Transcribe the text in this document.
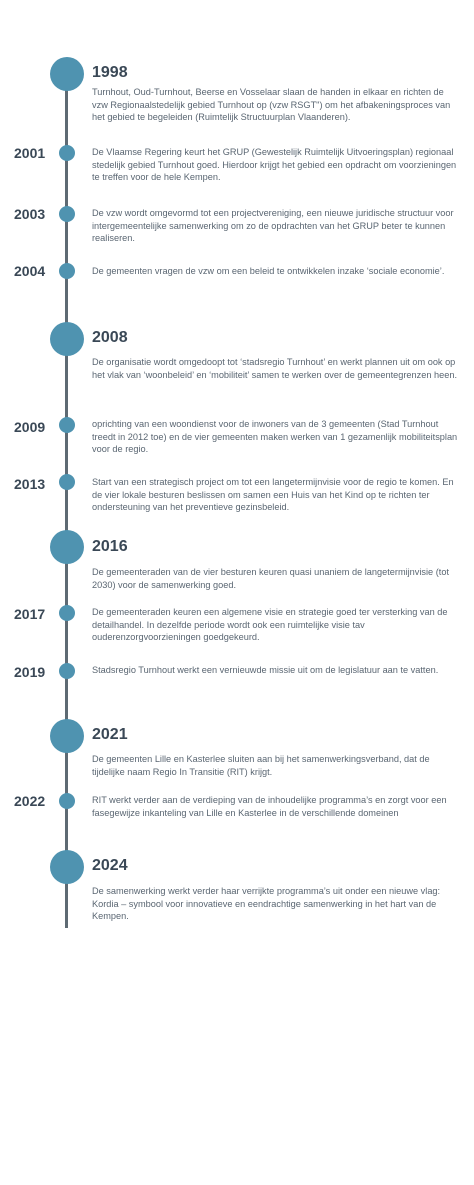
1998
Turnhout, Oud-Turnhout, Beerse en Vosselaar slaan de handen in elkaar en richten de vzw Regionaalstedelijk gebied Turnhout op (vzw RSGT") om het afbakeningsproces van het gebied te begeleiden (Ruimtelijk Structuurplan Vlaanderen).
2001	De Vlaamse Regering keurt het GRUP (Gewestelijk Ruimtelijk Uitvoeringsplan) regionaal stedelijk gebied Turnhout goed. Hierdoor krijgt het gebied een opdracht om voorzieningen te treffen voor de hele Kempen.
2003	De vzw wordt omgevormd tot een projectvereniging, een nieuwe juridische structuur voor intergemeentelijke samenwerking om zo de opdrachten van het GRUP beter te kunnen realiseren.
2004	De gemeenten vragen de vzw om een beleid te ontwikkelen inzake ‘sociale economie’.
2008
De organisatie wordt omgedoopt tot ‘stadsregio Turnhout’ en werkt plannen uit om ook op het vlak van ‘woonbeleid’ en ‘mobiliteit’ samen te werken over de gemeentegrenzen heen.
2009	oprichting van een woondienst voor de inwoners van de 3 gemeenten (Stad Turnhout treedt in 2012 toe) en de vier gemeenten maken werken van 1 gezamenlijk mobiliteitsplan voor de regio.
2013	Start van een strategisch project om tot een langetermijnvisie voor de regio te komen. En de vier lokale besturen beslissen om samen een Huis van het Kind op te richten ter ondersteuning van het preventieve gezinsbeleid.
2016
De gemeenteraden van de vier besturen keuren quasi unaniem de langetermijnvisie (tot 2030) voor de samenwerking goed.
2017	De gemeenteraden keuren een algemene visie en strategie goed ter versterking van de detailhandel. In dezelfde periode wordt ook een ruimtelijke visie tav ouderenzorgvoorzieningen goedgekeurd.
2019	Stadsregio Turnhout werkt een vernieuwde missie uit om de legislatuur aan te vatten.
2021
De gemeenten Lille en Kasterlee sluiten aan bij het samenwerkingsverband, dat de tijdelijke naam Regio In Transitie (RIT) krijgt.
2022	RIT werkt verder aan de verdieping van de inhoudelijke programma’s en zorgt voor een fasegewijze inkanteling van Lille en Kasterlee in de verschillende domeinen
2024
De samenwerking werkt verder haar verrijkte programma’s uit onder een nieuwe vlag: Kordia – symbool voor innovatieve en eendrachtige samenwerking in het hart van de Kempen.
